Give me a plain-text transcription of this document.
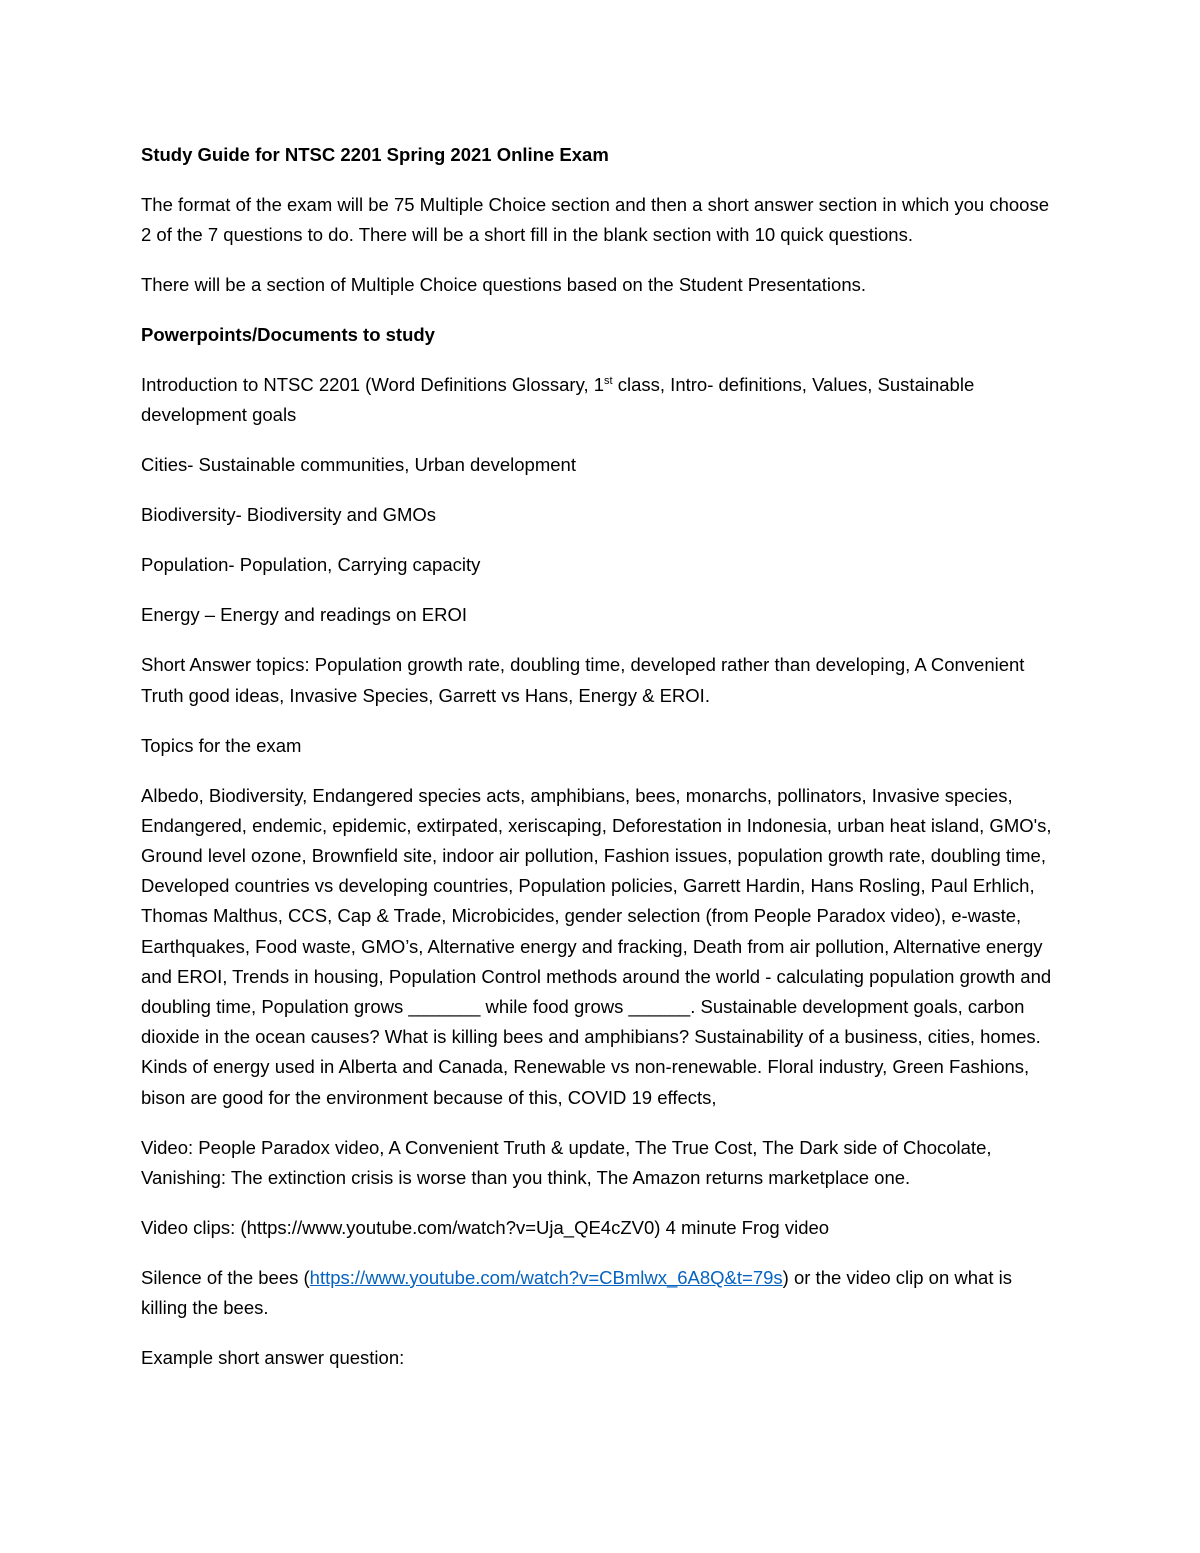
Study Guide for NTSC 2201 Spring 2021 Online Exam

The format of the exam will be 75 Multiple Choice section and then a short answer section in which you choose 2 of the 7 questions to do. There will be a short fill in the blank section with 10 quick questions.

There will be a section of Multiple Choice questions based on the Student Presentations.

Powerpoints/Documents to study

Introduction to NTSC 2201 (Word Definitions Glossary, 1st class, Intro- definitions, Values, Sustainable development goals

Cities- Sustainable communities, Urban development

Biodiversity- Biodiversity and GMOs

Population- Population, Carrying capacity

Energy – Energy and readings on EROI

Short Answer topics: Population growth rate, doubling time, developed rather than developing, A Convenient Truth good ideas, Invasive Species, Garrett vs Hans, Energy & EROI.

Topics for the exam

Albedo, Biodiversity, Endangered species acts, amphibians, bees, monarchs, pollinators, Invasive species, Endangered, endemic, epidemic, extirpated, xeriscaping, Deforestation in Indonesia, urban heat island, GMO's, Ground level ozone, Brownfield site, indoor air pollution, Fashion issues, population growth rate, doubling time, Developed countries vs developing countries, Population policies, Garrett Hardin, Hans Rosling, Paul Erhlich, Thomas Malthus, CCS, Cap & Trade, Microbicides, gender selection (from People Paradox video), e-waste, Earthquakes, Food waste, GMO’s, Alternative energy and fracking, Death from air pollution, Alternative energy and EROI, Trends in housing, Population Control methods around the world - calculating population growth and doubling time, Population grows _______ while food grows ______. Sustainable development goals, carbon dioxide in the ocean causes? What is killing bees and amphibians? Sustainability of a business, cities, homes. Kinds of energy used in Alberta and Canada, Renewable vs non-renewable. Floral industry, Green Fashions, bison are good for the environment because of this, COVID 19 effects,

Video: People Paradox video, A Convenient Truth & update, The True Cost, The Dark side of Chocolate, Vanishing: The extinction crisis is worse than you think, The Amazon returns marketplace one.

Video clips: (https://www.youtube.com/watch?v=Uja_QE4cZV0) 4 minute Frog video

Silence of the bees (https://www.youtube.com/watch?v=CBmlwx_6A8Q&t=79s) or the video clip on what is killing the bees.

Example short answer question:
